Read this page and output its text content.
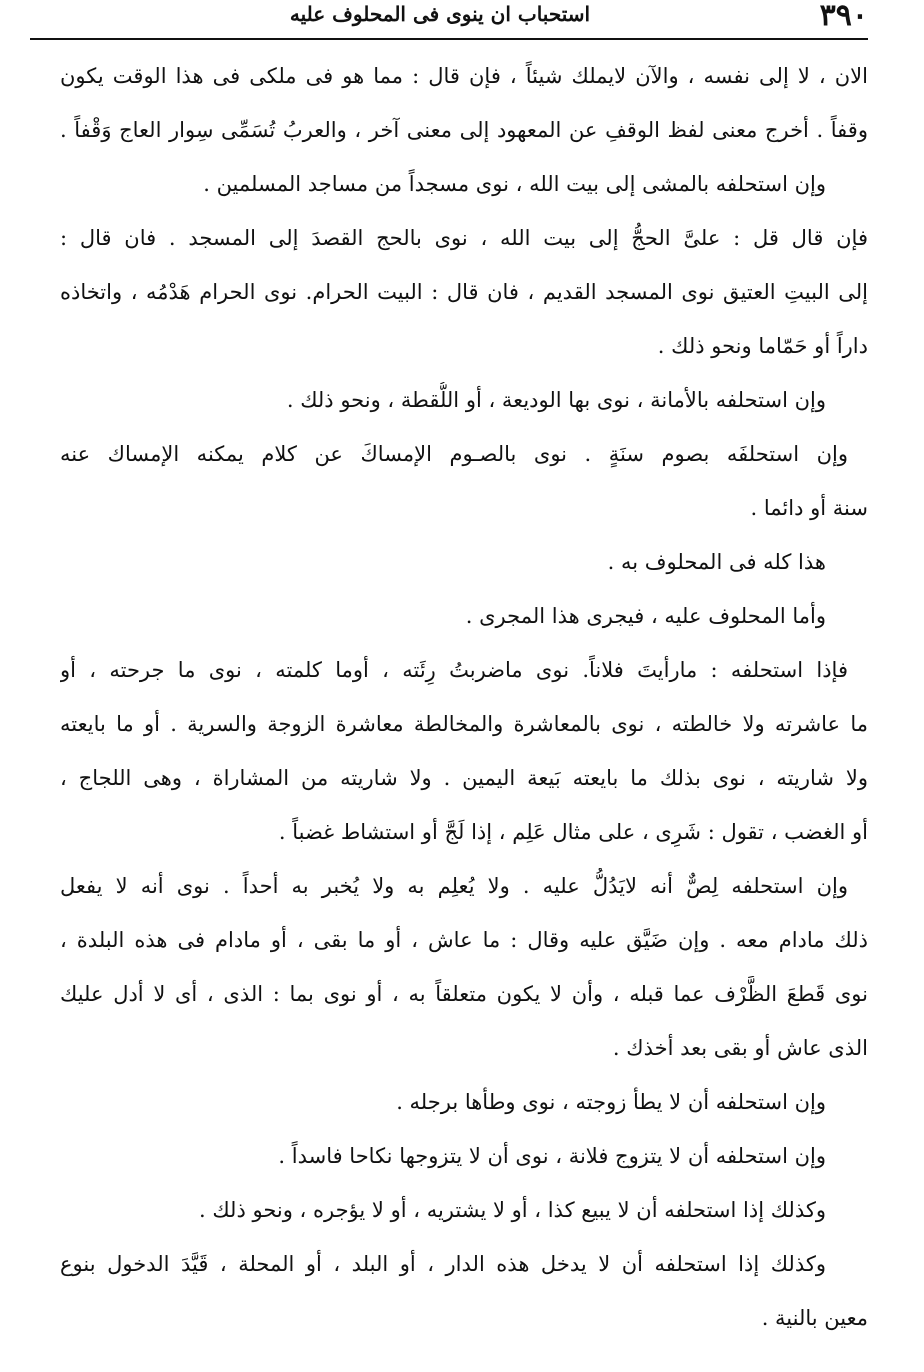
٣٩٠
استحباب ان ينوى فى المحلوف عليه
الان ، لا إلى نفسه ، والآن لايملك شيئاً ، فإن قال : مما هو فى ملكى فى هذا الوقت يكون
وقفاً . أخرج معنى لفظ الوقفِ عن المعهود إلى معنى آخر ، والعربُ تُسَمِّى سِوار العاج وَقْفاً .
وإن استحلفه بالمشى إلى بيت الله ، نوى مسجداً من مساجد المسلمين .
فإن قال قل : علىَّ الحجُّ إلى بيت الله ، نوى بالحج القصدَ إلى المسجد . فان قال :
إلى البيتِ العتيق نوى المسجد القديم ، فان قال : البيت الحرام. نوى الحرام هَدْمُه ، واتخاذه
داراً أو حَمّاما ونحو ذلك .
وإن استحلفه بالأمانة ، نوى بها الوديعة ، أو اللُّقطة ، ونحو ذلك .
وإن استحلفَه بصوم سنَةٍ . نوى بالصـوم الإمساكَ عن كلام يمكنه الإمساك عنه
سنة أو دائما .
هذا كله فى المحلوف به .
وأما المحلوف عليه ، فيجرى هذا المجرى .
فإذا استحلفه : مارأيتَ فلاناً. نوى ماضربتُ رِئَته ، أوما كلمته ، نوى ما جرحته ، أو
ما عاشرته ولا خالطته ، نوى بالمعاشرة والمخالطة معاشرة الزوجة والسرية . أو ما بايعته
ولا شاريته ، نوى بذلك ما بايعته بَيعة اليمين . ولا شاريته من المشاراة ، وهى اللجاج ،
أو الغضب ، تقول : شَرِى ، على مثال عَلِم ، إذا لَجَّ أو استشاط غضباً .
وإن استحلفه لِصٌّ أنه لايَدُلُّ عليه . ولا يُعلِم به ولا يُخبر به أحداً . نوى أنه لا يفعل
ذلك مادام معه . وإن ضَيَّق عليه وقال : ما عاش ، أو ما بقى ، أو مادام فى هذه البلدة ،
نوى قَطعَ الظَّرْف عما قبله ، وأن لا يكون متعلقاً به ، أو نوى بما : الذى ، أى لا أدل عليك
الذى عاش أو بقى بعد أخذك .
وإن استحلفه أن لا يطأ زوجته ، نوى وطأها برجله .
وإن استحلفه أن لا يتزوج فلانة ، نوى أن لا يتزوجها نكاحا فاسداً .
وكذلك إذا استحلفه أن لا يبيع كذا ، أو لا يشتريه ، أو لا يؤجره ، ونحو ذلك .
وكذلك إذا استحلفه أن لا يدخل هذه الدار ، أو البلد ، أو المحلة ، قَيَّدَ الدخول بنوع
معين بالنية .
